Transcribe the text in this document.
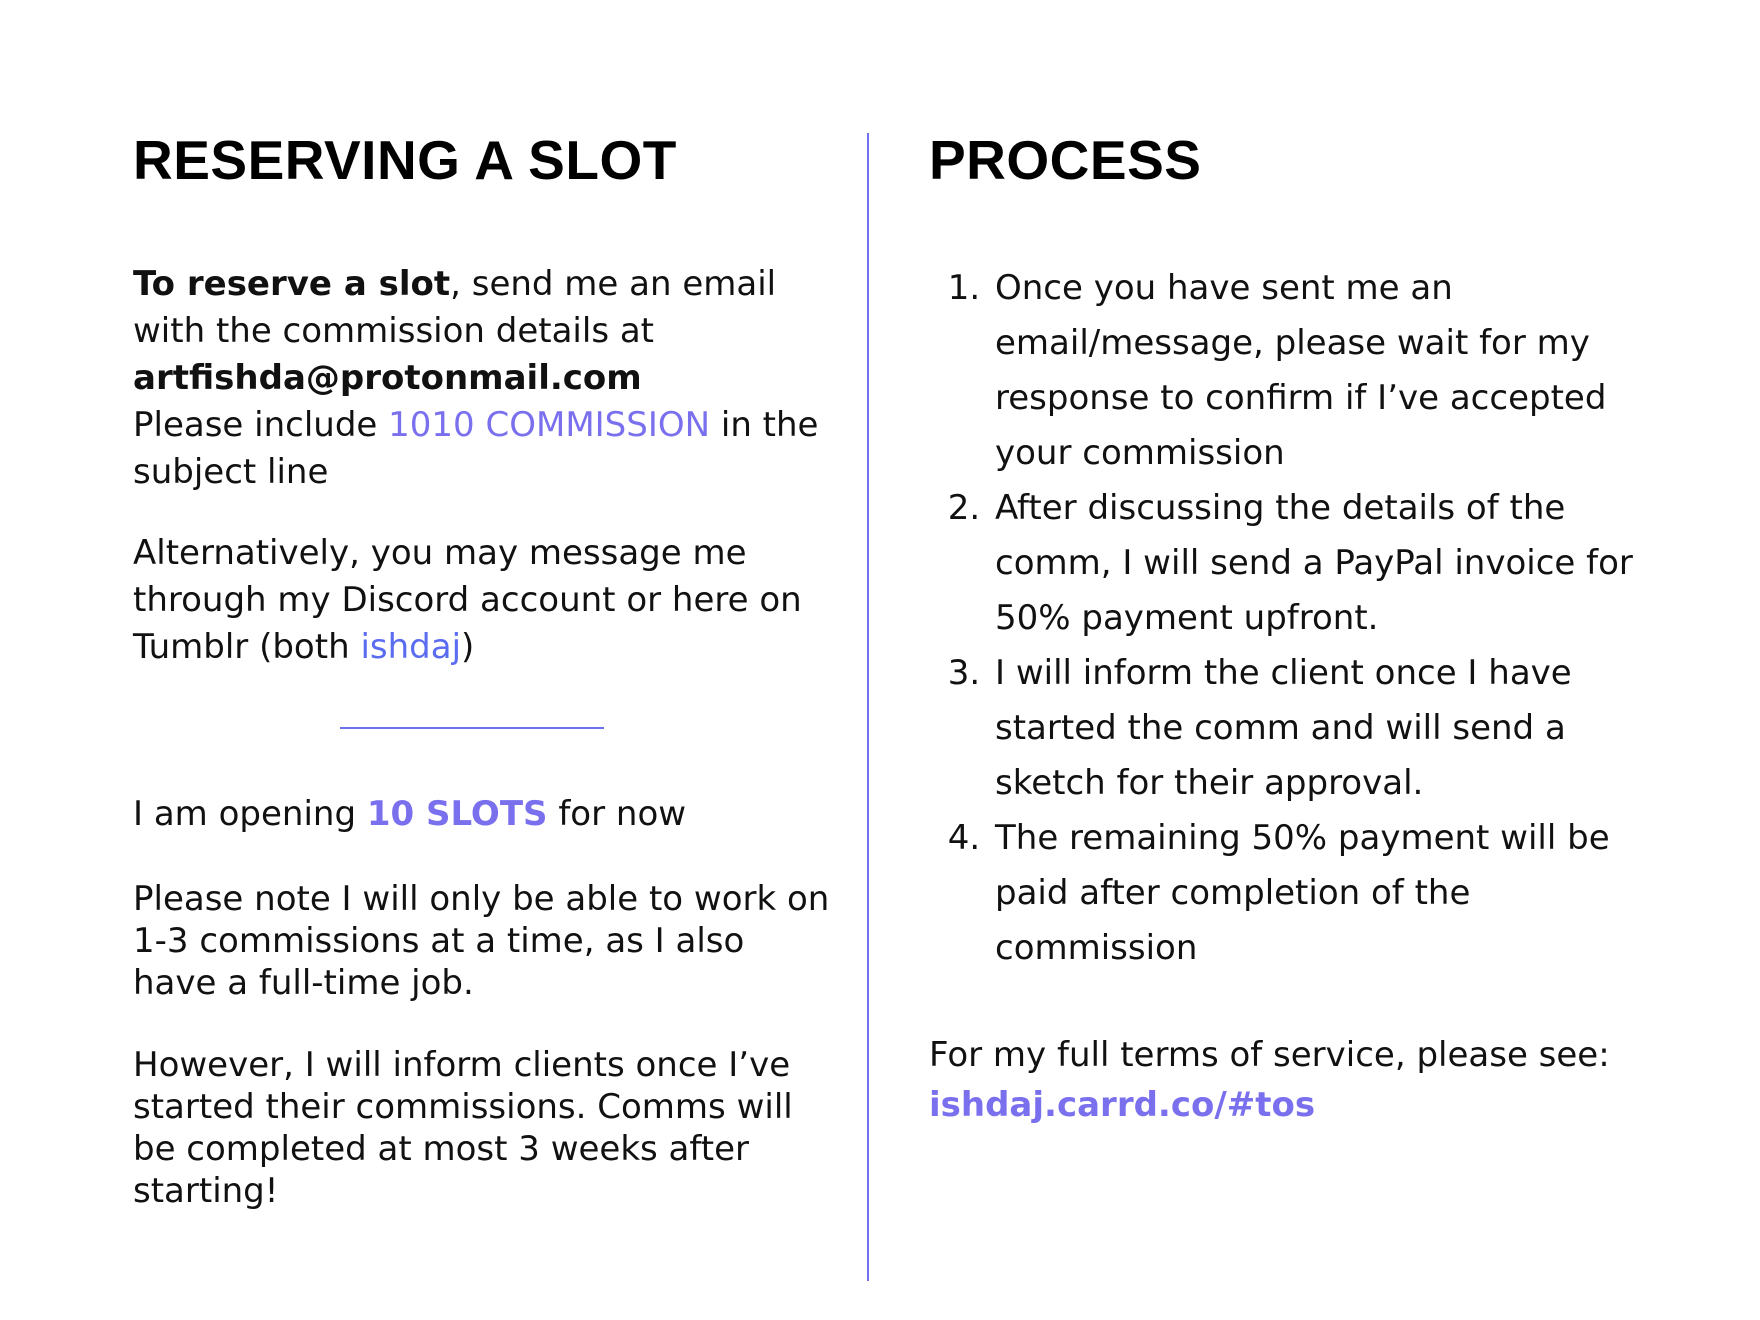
RESERVING A SLOT

To reserve a slot, send me an email with the commission details at
artfishda@protonmail.com
Please include 1010 COMMISSION in the subject line

Alternatively, you may message me through my Discord account or here on Tumblr (both ishdaj)

I am opening 10 SLOTS for now

Please note I will only be able to work on 1-3 commissions at a time, as I also have a full-time job.

However, I will inform clients once I’ve started their commissions. Comms will be completed at most 3 weeks after starting!

PROCESS
1. Once you have sent me an email/message, please wait for my response to confirm if I’ve accepted your commission
2. After discussing the details of the comm, I will send a PayPal invoice for 50% payment upfront.
3. I will inform the client once I have started the comm and will send a sketch for their approval.
4. The remaining 50% payment will be paid after completion of the commission
For my full terms of service, please see:
ishdaj.carrd.co/#tos
